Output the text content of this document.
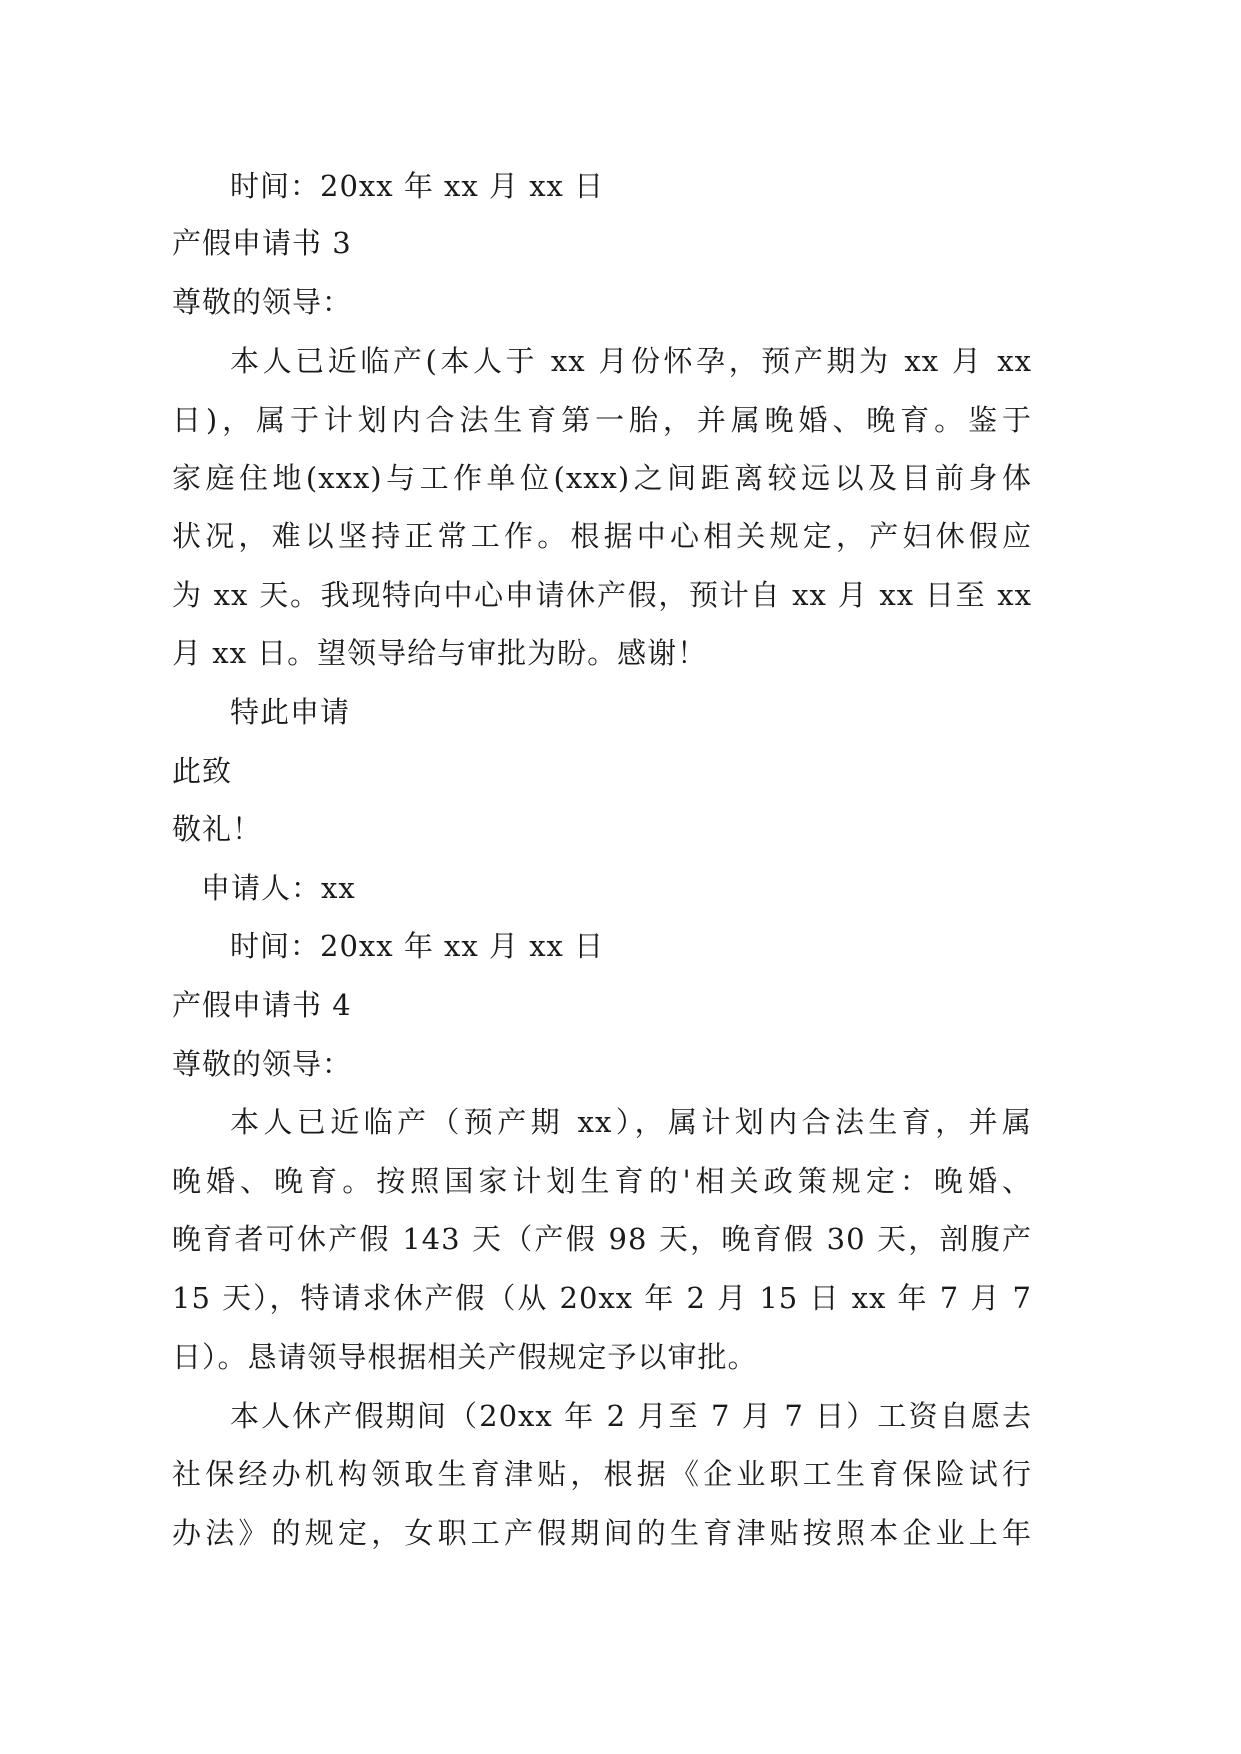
时间：20xx 年 xx 月 xx 日
产假申请书 3
尊敬的领导：
本人已近临产(本人于 xx 月份怀孕，预产期为 xx 月 xx
日)，属于计划内合法生育第一胎，并属晚婚、晚育。鉴于
家庭住地(xxx)与工作单位(xxx)之间距离较远以及目前身体
状况，难以坚持正常工作。根据中心相关规定，产妇休假应
为 xx 天。我现特向中心申请休产假，预计自 xx 月 xx 日至 xx
月 xx 日。望领导给与审批为盼。感谢！
特此申请
此致
敬礼！
申请人：xx
时间：20xx 年 xx 月 xx 日
产假申请书 4
尊敬的领导：
本人已近临产（预产期 xx），属计划内合法生育，并属
晚婚、晚育。按照国家计划生育的'相关政策规定：晚婚、
晚育者可休产假 143 天（产假 98 天，晚育假 30 天，剖腹产
15 天），特请求休产假（从 20xx 年 2 月 15 日 xx 年 7 月 7
日）。恳请领导根据相关产假规定予以审批。
本人休产假期间（20xx 年 2 月至 7 月 7 日）工资自愿去
社保经办机构领取生育津贴，根据《企业职工生育保险试行
办法》的规定，女职工产假期间的生育津贴按照本企业上年
